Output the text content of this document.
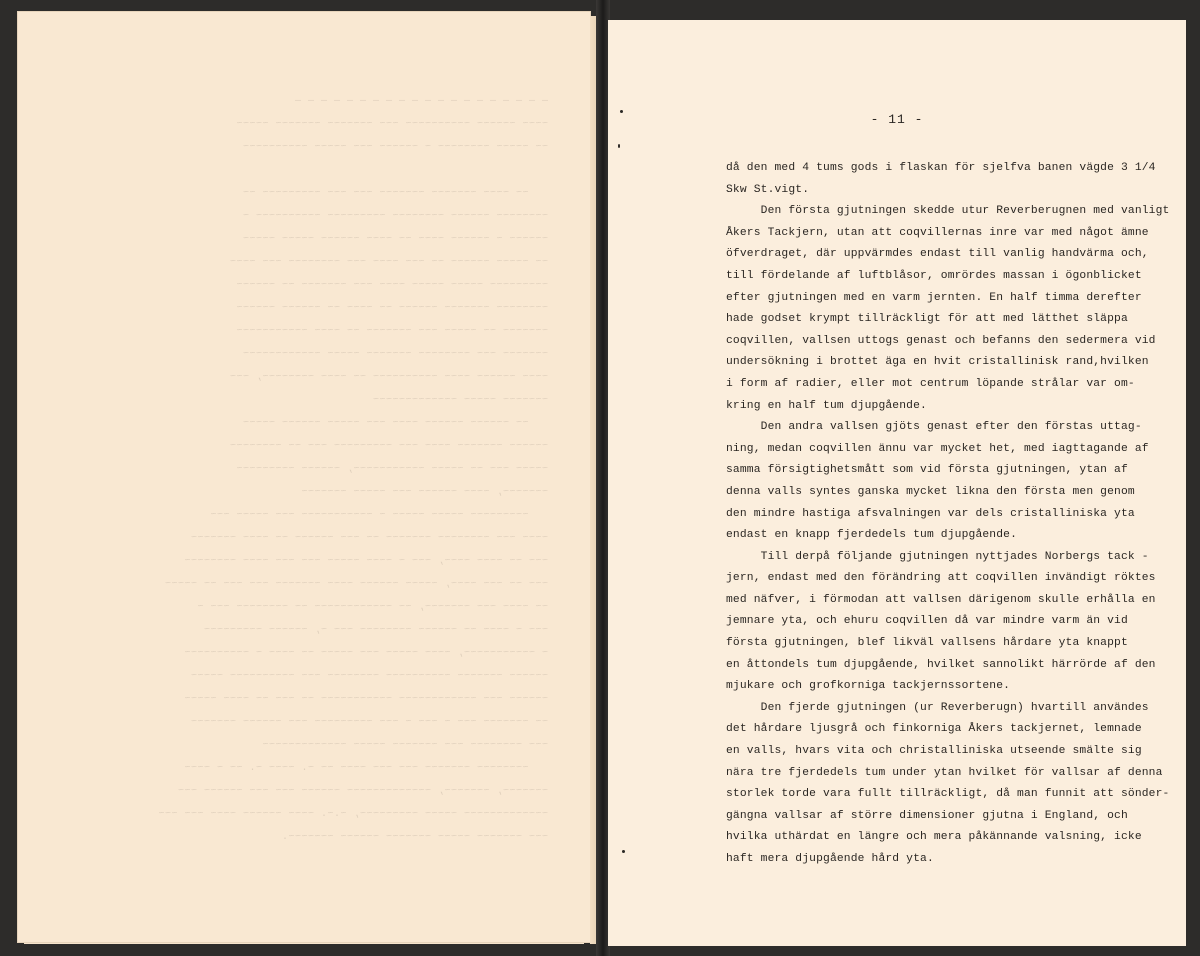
— — — — — — — — — — — — — — — — — — — —
~~~~ ~~~~~~ ~~~~~~~~~~ ~~~ ~~~~~~~ ~~~~~~~ ~~~~~
~~ ~~~~~ ~~~~~~~~ ~ ~~~~~~ ~~~ ~~~~~ ~~~~~~~~~~

~~ ~~~~ ~~~~~~~ ~~~~~~~ ~~~ ~~~ ~~~~~~~~~ ~~
~~~~~~~~ ~~~~~~ ~~~~~~~~ ~~~~~~~~~ ~~~~~~~~~~ ~
~~~~~~ ~ ~~~~~~ ~~~~ ~~ ~~~~ ~~~~~~ ~~~~~ ~~~~~
~~ ~~~~~ ~~~~~~ ~~ ~~~ ~~~~ ~~~ ~~~~~~~~ ~~~ ~~~~
~~~~~~~~~ ~~~~~ ~~~~~ ~~~~ ~~~ ~~~~~~~ ~~ ~~~~~~
~~~~~~~~ ~~~~~~~ ~~~~~~ ~~ ~~~~ ~~ ~~~~~~ ~~~~~~
~~~~~~~ ~~ ~~~~~ ~~~ ~~~~~~~ ~~ ~~~~ ~~~~~~~~~~~
~~~~~~~ ~~~ ~~~~~~~~ ~~~~~~~ ~~~~~ ~~~~~~~~~~~~
~~~~ ~~~~~~ ~~~~ ~~~~~~~~~~ ~~ ~~~~ ~~~~~~~~, ~~~
~~~~~~~ ~~~~~ ~~~~~~~~~~~~~
~~ ~~~~~~ ~~~~~~ ~~~~ ~~~ ~~~~~ ~~~~~~ ~~~~~
~~~~~~ ~~~~~~~ ~~~~ ~~~ ~~~~~~~~~ ~~~ ~~ ~~~~~~~~
~~~~~ ~~~ ~~ ~~~~~ ~~~~~~~~~~~, ~~~~~~ ~~~~~~~~~
~~~~~~~, ~~~~ ~~~~~~ ~~~ ~~~~~ ~~~~~~~
~~~~~~~~~ ~~~~~ ~~~~~ ~ ~~~~~~~~~~~ ~~~ ~~~~~ ~~~
~~~~ ~~~ ~~~~~~~~ ~~~~~~~ ~~ ~~~ ~~~~~~ ~~ ~~~~ ~~~~~~~
~~~ ~~ ~~~~ ~~~~, ~~~ ~ ~~~~ ~~~~~ ~~~ ~~~ ~~~~ ~~~~~~~~
~~~ ~~ ~~~ ~~~~, ~~~~~ ~~~~~~ ~~~~ ~~~~~~~ ~~~ ~~~ ~~ ~~~~~
~~ ~~~~ ~~~ ~~~~~~~, ~~ ~~~~~~~~~~~~ ~~ ~~~~~~~~ ~~~ ~
~~~ ~ ~~~~ ~~ ~~~~~~ ~~~~~~~~ ~~~ ~, ~~~~~~ ~~~~~~~~~
~ ~~~~~~~~~~~, ~~~~ ~~~~~ ~~~ ~~~~~ ~~ ~~~~ ~ ~~~~~~~~~~
~~~~~~ ~~~~~~~ ~~~~~~~~~~ ~~~~~~~~ ~~~ ~~~~~~~~~~ ~~~~~
~~~~~~ ~~~ ~~~~~~~~~~~~ ~~~~~~~~~~~ ~~ ~~~ ~~ ~~~~ ~~~~~
~~ ~~~~~~~ ~~~ ~ ~~~ ~ ~~~ ~~~~~~~~~ ~~~ ~~~~~~ ~~~~~~~
~~~ ~~~~~~~~ ~~~ ~~~~~~~ ~~~~~ ~~~~~~~~~~~~~
~~~~~~~~ ~~~~~~~ ~~~ ~~~ ~~~~ ~~ ~. ~~~~ ~. ~~ ~ ~~~~
~~~~~~~, ~~~~~~~, ~~~~~~~~~~~~~ ~~~~~~ ~~~ ~~~ ~~~~~~ ~~~
~~~~~~~~~~~~~ ~~~~~ ~~~~~~~~~, ~.~. ~~~~ ~~~~~~ ~~~~ ~~~ ~~~
~~~ ~~~~~~~ ~~~~~ ~~~~~~~ ~~~~~~ ~~~~~~~.
- 11 -
då den med 4 tums gods i flaskan för sjelfva banen vägde 3 1/4
Skw St.vigt.
Den första gjutningen skedde utur Reverberugnen med vanligt
Åkers Tackjern, utan att coqvillernas inre var med något ämne
öfverdraget, där uppvärmdes endast till vanlig handvärma och,
till fördelande af luftblåsor, omrördes massan i ögonblicket
efter gjutningen med en varm jernten. En half timma derefter
hade godset krympt tillräckligt för att med lätthet släppa
coqvillen, vallsen uttogs genast och befanns den sedermera vid
undersökning i brottet äga en hvit cristallinisk rand,hvilken
i form af radier, eller mot centrum löpande strålar var om-
kring en half tum djupgående.
Den andra vallsen gjöts genast efter den förstas uttag-
ning, medan coqvillen ännu var mycket het, med iagttagande af
samma försigtighetsmått som vid första gjutningen, ytan af
denna valls syntes ganska mycket likna den första men genom
den mindre hastiga afsvalningen var dels cristalliniska yta
endast en knapp fjerdedels tum djupgående.
Till derpå följande gjutningen nyttjades Norbergs tack -
jern, endast med den förändring att coqvillen invändigt röktes
med näfver, i förmodan att vallsen därigenom skulle erhålla en
jemnare yta, och ehuru coqvillen då var mindre varm än vid
första gjutningen, blef likväl vallsens hårdare yta knappt
en åttondels tum djupgående, hvilket sannolikt härrörde af den
mjukare och grofkorniga tackjernssortene.
Den fjerde gjutningen (ur Reverberugn) hvartill användes
det hårdare ljusgrå och finkorniga Åkers tackjernet, lemnade
en valls, hvars vita och christalliniska utseende smälte sig
nära tre fjerdedels tum under ytan hvilket för vallsar af denna
storlek torde vara fullt tillräckligt, då man funnit att sönder-
gängna vallsar af större dimensioner gjutna i England, och
hvilka uthärdat en längre och mera påkännande valsning, icke
haft mera djupgående hård yta.
